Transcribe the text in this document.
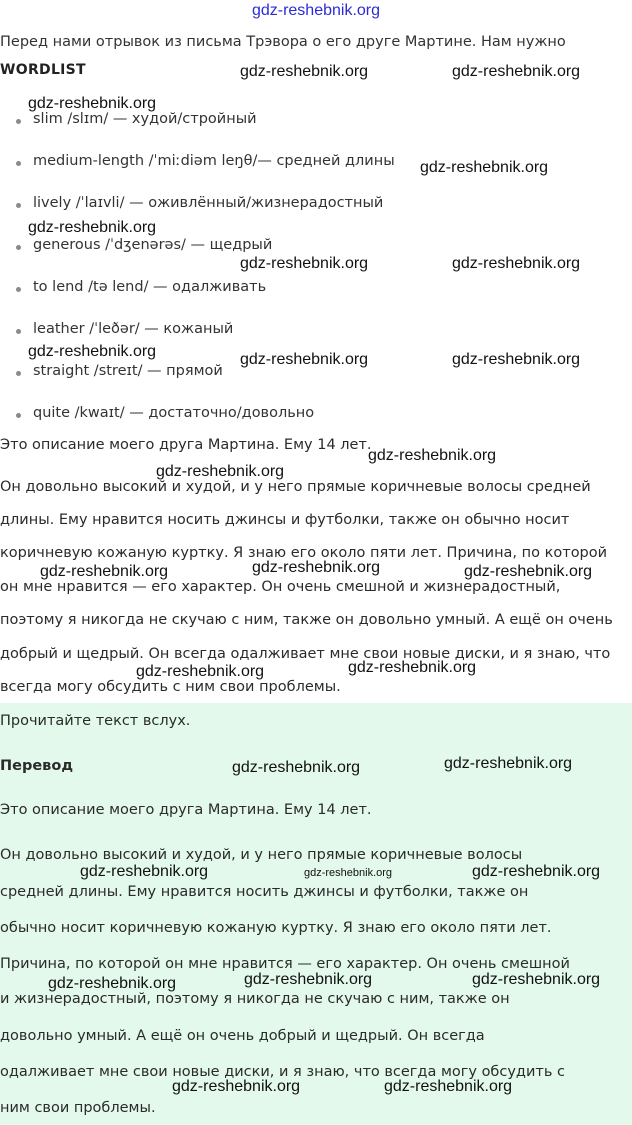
gdz-reshebnik.org
Перед нами отрывок из письма Трэвора о его друге Мартине. Нам нужно
WORDLIST
slim /slɪm/ — худой/стройный
medium-length /ˈmiːdiəm leŋθ/— средней длины
lively /ˈlaɪvli/ — оживлённый/жизнерадостный
generous /ˈdʒenərəs/ — щедрый
to lend /tə lend/ — одалживать
leather /ˈleðər/ — кожаный
straight /streɪt/ — прямой
quite /kwaɪt/ — достаточно/довольно
Это описание моего друга Мартина. Ему 14 лет.
Он довольно высокий и худой, и у него прямые коричневые волосы средней
длины. Ему нравится носить джинсы и футболки, также он обычно носит
коричневую кожаную куртку. Я знаю его около пяти лет. Причина, по которой
он мне нравится — его характер. Он очень смешной и жизнерадостный,
поэтому я никогда не скучаю с ним, также он довольно умный. А ещё он очень
добрый и щедрый. Он всегда одалживает мне свои новые диски, и я знаю, что
всегда могу обсудить с ним свои проблемы.
Прочитайте текст вслух.
Перевод
Это описание моего друга Мартина. Ему 14 лет.
Он довольно высокий и худой, и у него прямые коричневые волосы
средней длины. Ему нравится носить джинсы и футболки, также он
обычно носит коричневую кожаную куртку. Я знаю его около пяти лет.
Причина, по которой он мне нравится — его характер. Он очень смешной
и жизнерадостный, поэтому я никогда не скучаю с ним, также он
довольно умный. А ещё он очень добрый и щедрый. Он всегда
одалживает мне свои новые диски, и я знаю, что всегда могу обсудить с
ним свои проблемы.
gdz-reshebnik.org	gdz-reshebnik.org
gdz-reshebnik.org
gdz-reshebnik.org
gdz-reshebnik.org
gdz-reshebnik.org	gdz-reshebnik.org
gdz-reshebnik.org	gdz-reshebnik.org	gdz-reshebnik.org
gdz-reshebnik.org
gdz-reshebnik.org
gdz-reshebnik.org	gdz-reshebnik.org	gdz-reshebnik.org
gdz-reshebnik.org	gdz-reshebnik.org
gdz-reshebnik.org	gdz-reshebnik.org
gdz-reshebnik.org	gdz-reshebnik.org	gdz-reshebnik.org
gdz-reshebnik.org	gdz-reshebnik.org	gdz-reshebnik.org
gdz-reshebnik.org	gdz-reshebnik.org
